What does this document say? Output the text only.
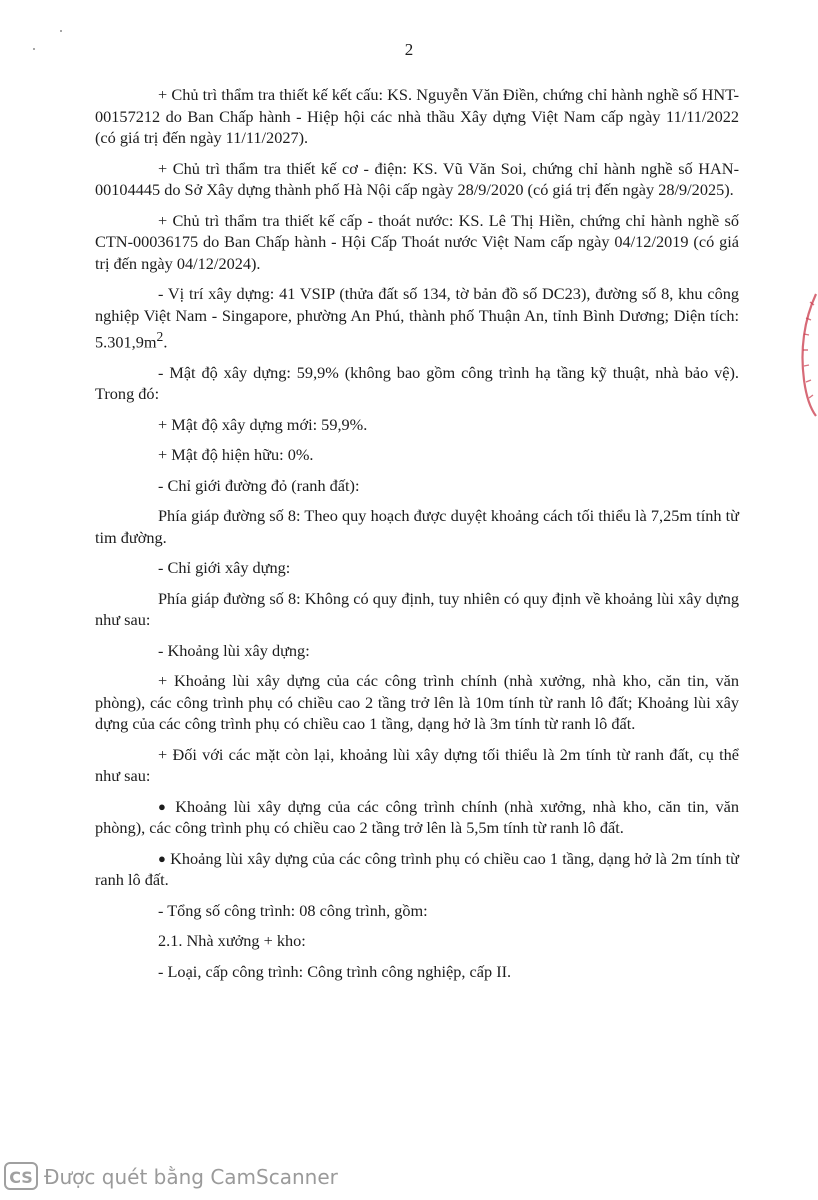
2

+ Chủ trì thẩm tra thiết kế kết cấu: KS. Nguyễn Văn Điền, chứng chỉ hành nghề số HNT-00157212 do Ban Chấp hành - Hiệp hội các nhà thầu Xây dựng Việt Nam cấp ngày 11/11/2022 (có giá trị đến ngày 11/11/2027).

+ Chủ trì thẩm tra thiết kế cơ - điện: KS. Vũ Văn Soi, chứng chỉ hành nghề số HAN-00104445 do Sở Xây dựng thành phố Hà Nội cấp ngày 28/9/2020 (có giá trị đến ngày 28/9/2025).

+ Chủ trì thẩm tra thiết kế cấp - thoát nước: KS. Lê Thị Hiền, chứng chỉ hành nghề số CTN-00036175 do Ban Chấp hành - Hội Cấp Thoát nước Việt Nam cấp ngày 04/12/2019 (có giá trị đến ngày 04/12/2024).

- Vị trí xây dựng: 41 VSIP (thửa đất số 134, tờ bản đồ số DC23), đường số 8, khu công nghiệp Việt Nam - Singapore, phường An Phú, thành phố Thuận An, tỉnh Bình Dương; Diện tích: $5.301,9m^2$.

- Mật độ xây dựng: 59,9% (không bao gồm công trình hạ tầng kỹ thuật, nhà bảo vệ). Trong đó:

+ Mật độ xây dựng mới: 59,9%.

+ Mật độ hiện hữu: 0%.

- Chỉ giới đường đỏ (ranh đất):

Phía giáp đường số 8: Theo quy hoạch được duyệt khoảng cách tối thiểu là 7,25m tính từ tim đường.

- Chỉ giới xây dựng:

Phía giáp đường số 8: Không có quy định, tuy nhiên có quy định về khoảng lùi xây dựng như sau:

- Khoảng lùi xây dựng:

+ Khoảng lùi xây dựng của các công trình chính (nhà xưởng, nhà kho, căn tin, văn phòng), các công trình phụ có chiều cao 2 tầng trở lên là 10m tính từ ranh lô đất; Khoảng lùi xây dựng của các công trình phụ có chiều cao 1 tầng, dạng hở là 3m tính từ ranh lô đất.

+ Đối với các mặt còn lại, khoảng lùi xây dựng tối thiểu là 2m tính từ ranh đất, cụ thể như sau:

● Khoảng lùi xây dựng của các công trình chính (nhà xưởng, nhà kho, căn tin, văn phòng), các công trình phụ có chiều cao 2 tầng trở lên là 5,5m tính từ ranh lô đất.

● Khoảng lùi xây dựng của các công trình phụ có chiều cao 1 tầng, dạng hở là 2m tính từ ranh lô đất.

- Tổng số công trình: 08 công trình, gồm:

2.1. Nhà xưởng + kho:

- Loại, cấp công trình: Công trình công nghiệp, cấp II.

CS Được quét bằng CamScanner
